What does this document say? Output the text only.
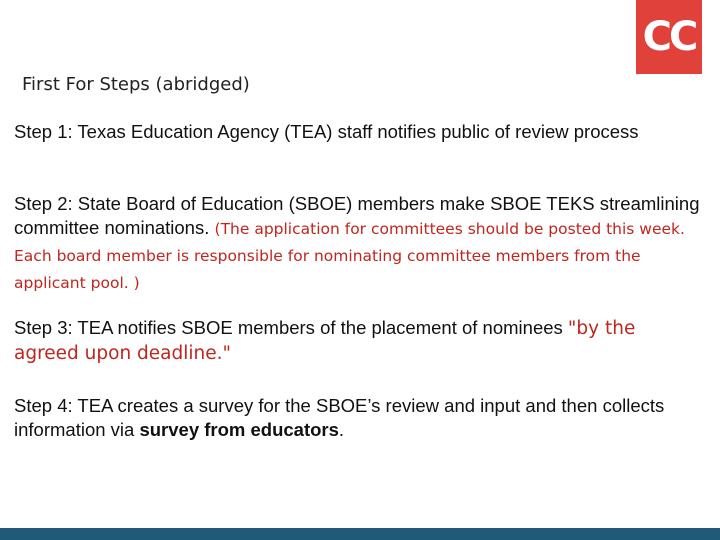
CC
First For Steps (abridged)
Step 1: Texas Education Agency (TEA) staff notifies public of review process
Step 2: State Board of Education (SBOE) members make SBOE TEKS streamlining committee nominations. (The application for committees should be posted this week. Each board member is responsible for nominating committee members from the applicant pool. )
Step 3: TEA notifies SBOE members of the placement of nominees "by the agreed upon deadline."
Step 4: TEA creates a survey for the SBOE’s review and input and then collects information via survey from educators.
